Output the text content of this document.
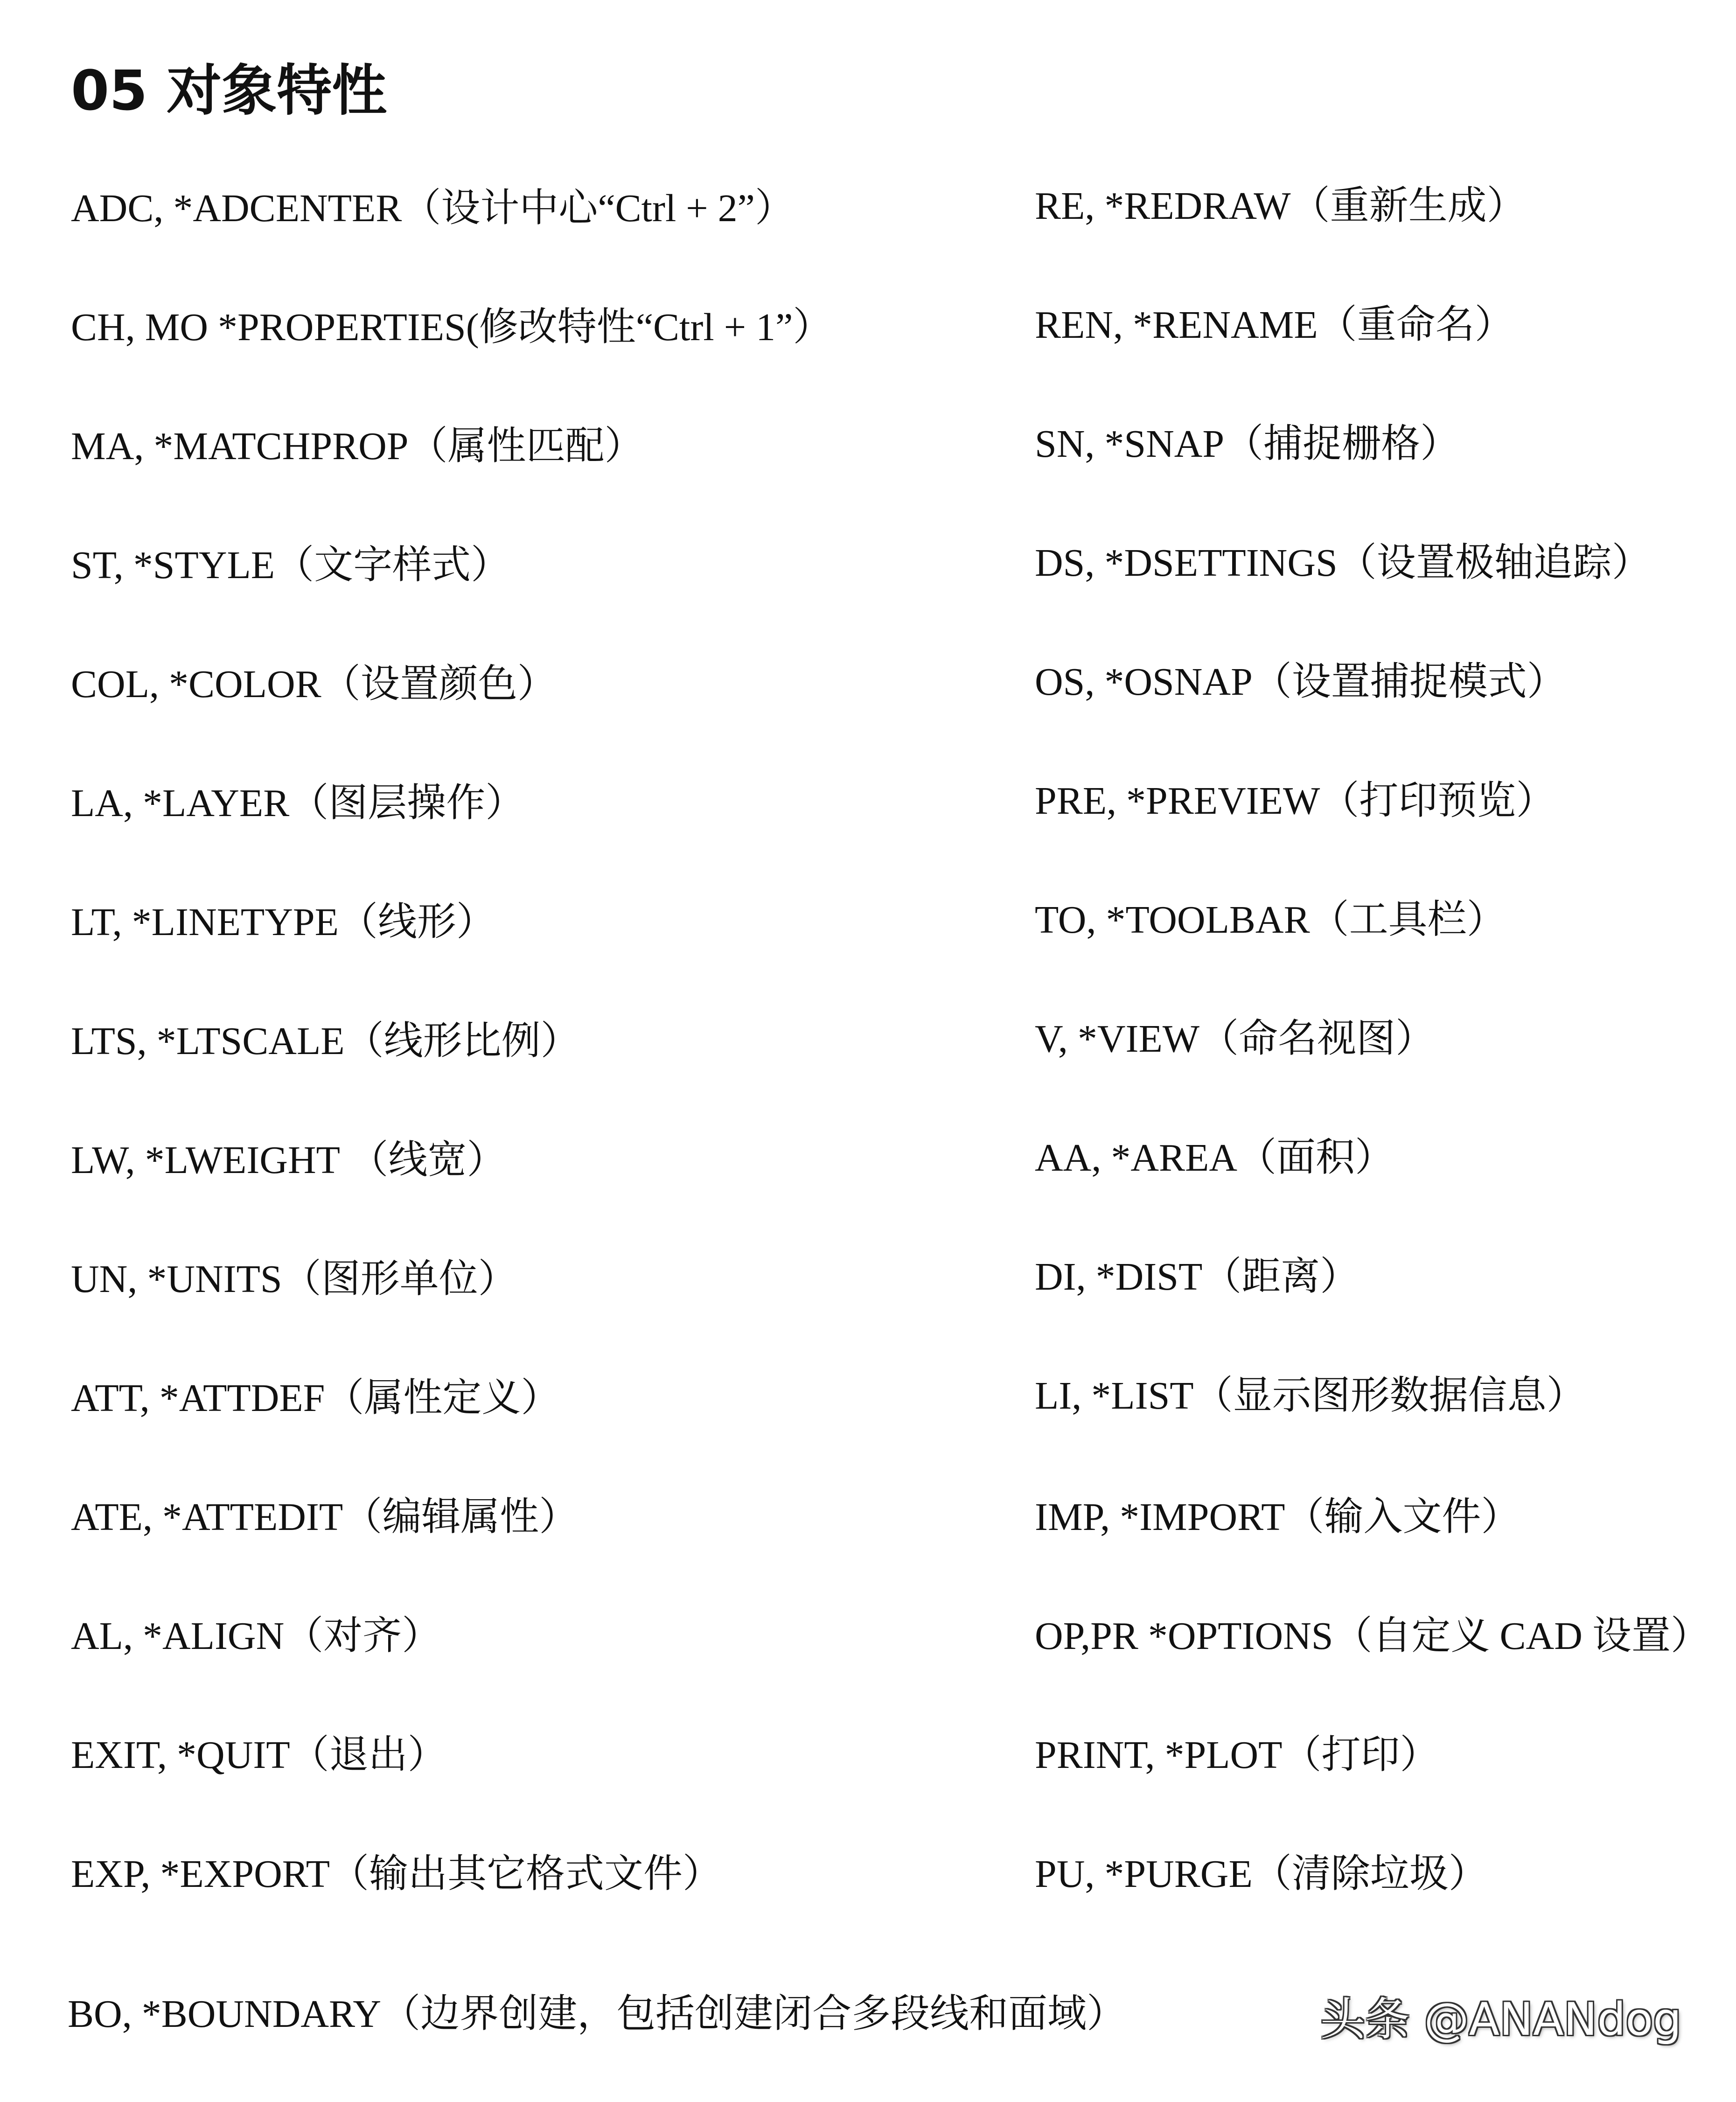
05 对象特性
ADC, *ADCENTER（设计中心“Ctrl + 2”）
CH, MO *PROPERTIES(修改特性“Ctrl + 1”）
MA, *MATCHPROP（属性匹配）
ST, *STYLE（文字样式）
COL, *COLOR（设置颜色）
LA, *LAYER（图层操作）
LT, *LINETYPE（线形）
LTS, *LTSCALE（线形比例）
LW, *LWEIGHT （线宽）
UN, *UNITS（图形单位）
ATT, *ATTDEF（属性定义）
ATE, *ATTEDIT（编辑属性）
AL, *ALIGN（对齐）
EXIT, *QUIT（退出）
EXP, *EXPORT（输出其它格式文件）
RE, *REDRAW（重新生成）
REN, *RENAME（重命名）
SN, *SNAP（捕捉栅格）
DS, *DSETTINGS（设置极轴追踪）
OS, *OSNAP（设置捕捉模式）
PRE, *PREVIEW（打印预览）
TO, *TOOLBAR（工具栏）
V, *VIEW（命名视图）
AA, *AREA（面积）
DI, *DIST（距离）
LI, *LIST（显示图形数据信息）
IMP, *IMPORT（输入文件）
OP,PR *OPTIONS（自定义 CAD 设置）
PRINT, *PLOT（打印）
PU, *PURGE（清除垃圾）
BO, *BOUNDARY（边界创建，包括创建闭合多段线和面域）	头条 @ANANdog
